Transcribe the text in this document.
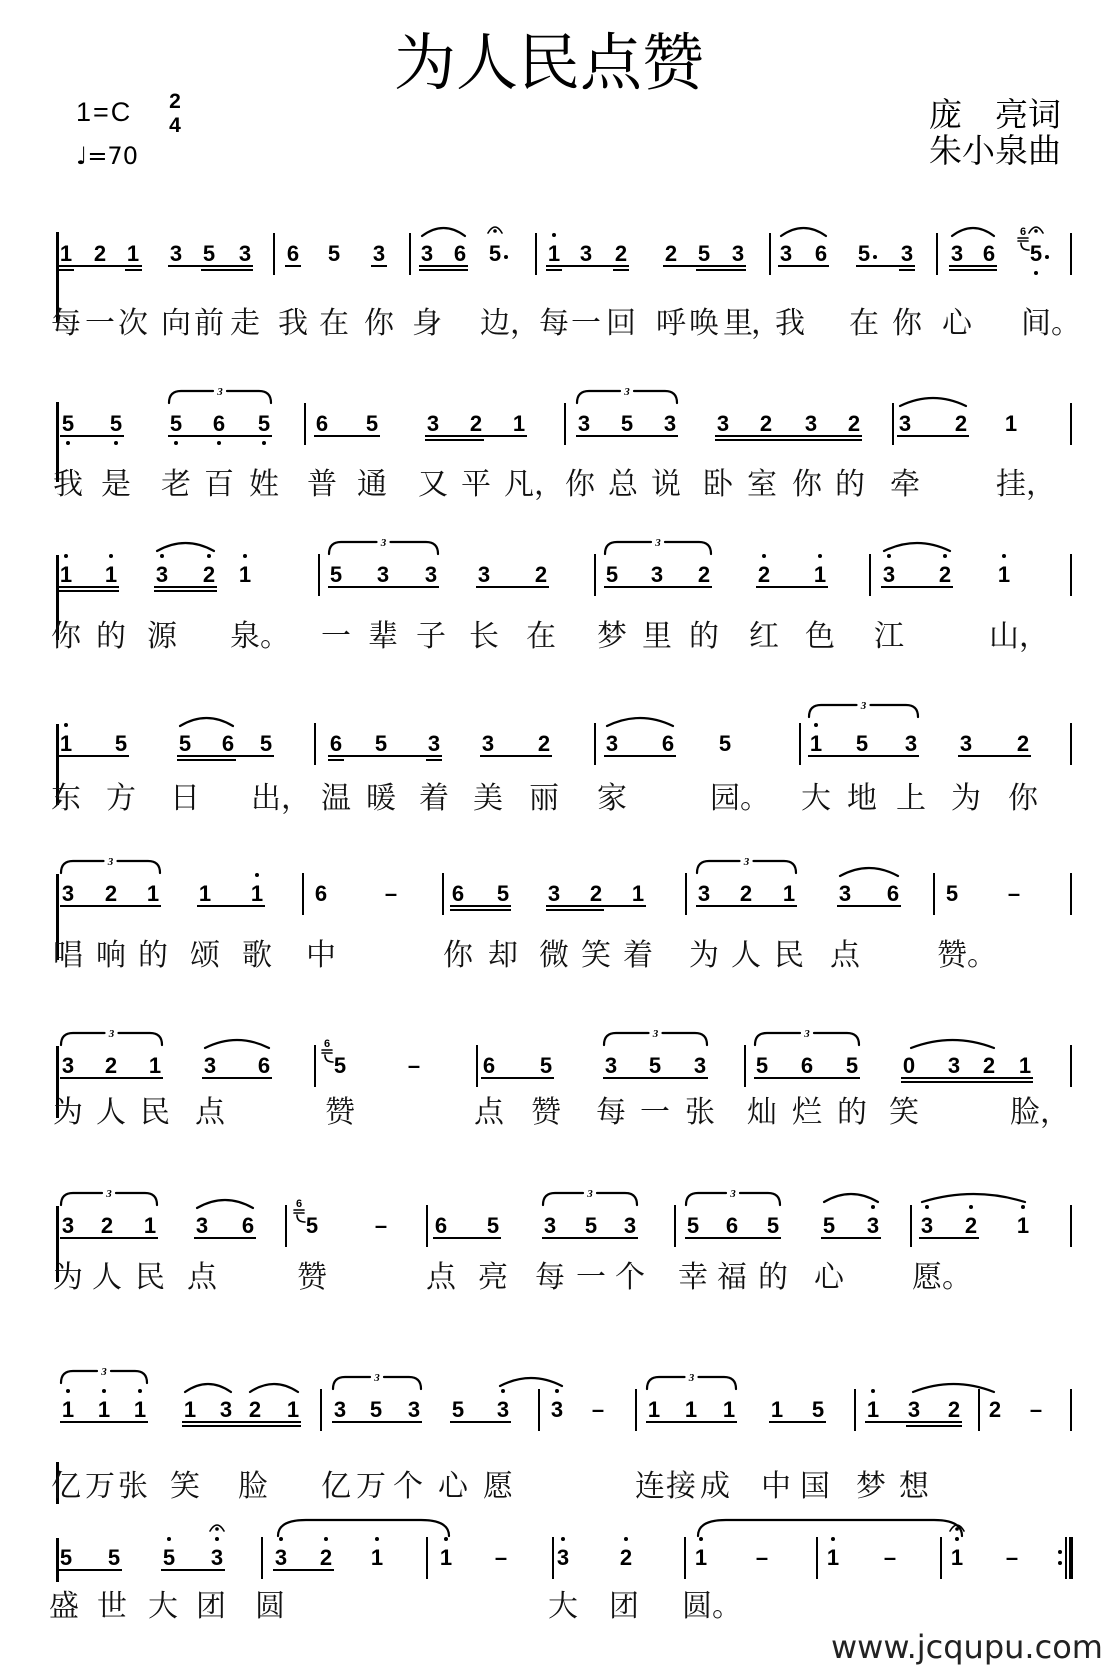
为人民点赞
1=C 2
4
♩=70
庞　亮词
朱小泉曲
www.jcqupu.com
1 2 1 3 5 3 6 5 3 3 6 5 1 3 2 2 5 3 3 6 5 3 3 6 5
每 一 次 向 前 走 我 在 你 身 边 ， 每 一 回 呼 唤 里
，
我 在 你 心 间 。
6
5 5 5 6 5 6 5 3 2 1 3 5 3 3 2 3 2 3 2 1
我 是 老 百 姓 普 通 又 平 凡 ， 你 总 说 卧 室 你 的 牵	挂 ，
3	3
1 1 3 2 1	5 3 3 3 2	5 3 2 2 1	3 2 1
你 的 源 泉 。 一 辈 子 长 在 梦 里 的 红 色 江	山 ，
3	3
1 5 5 6 5	6 5 3 3 2	3 6 5	1 5 3 3 2
东 方 日 出 ， 温 暖 着 美 丽 家	园 。 大 地 上 为 你
3
3 2 1 1 1 6	– 6 5 3 2 1 3 2 1 3 6 5 –
唱 响 的 颂 歌 中	你 却 微 笑 着 为 人 民 点	赞 。
3	3
3 2 1 3 6	5	–	6 5 3 5 3 5 6 5 0 3 2 1
为 人 民 点	赞	点 赞 每 一 张 灿 烂 的 笑	脸 ，
3	3	3
6
3 2 1 3 6 5	– 6 5 3 5 3 5 6 5 5 3 3 2 1
为 人 民 点	赞	点 亮 每 一 个 幸 福 的 心 愿 。
3	3	3
6
1 1 1 1 3 2 1 3 5 3 5 3 3 – 1 1 1 1 5 1 3 2 2 –
亿 万 张 笑 脸 亿 万 个 心 愿	连 接 成 中 国 梦 想
3	3	3
5 5 5 3 3 2 1	1 – 3 2	1 –	1 – 1 –
盛 世 大 团 圆	大 团 圆 。
